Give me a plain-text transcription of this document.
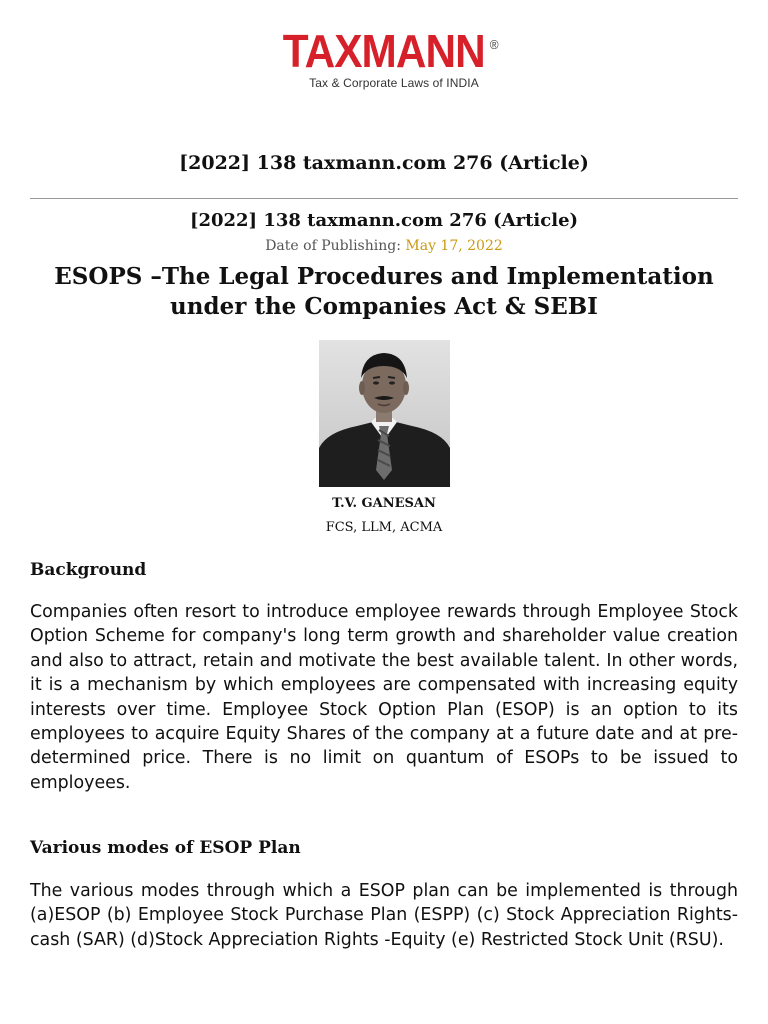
TAXMANN ®
Tax & Corporate Laws of INDIA
[2022] 138 taxmann.com 276 (Article)
[2022] 138 taxmann.com 276 (Article)
Date of Publishing: May 17, 2022
ESOPS –The Legal Procedures and Implementation under the Companies Act & SEBI
T.V. GANESAN
FCS, LLM, ACMA
Background

Companies often resort to introduce employee rewards through Employee Stock Option Scheme for company's long term growth and shareholder value creation and also to attract, retain and motivate the best available talent. In other words, it is a mechanism by which employees are compensated with increasing equity interests over time. Employee Stock Option Plan (ESOP) is an option to its employees to acquire Equity Shares of the company at a future date and at pre-determined price. There is no limit on quantum of ESOPs to be issued to employees.

Various modes of ESOP Plan

The various modes through which a ESOP plan can be implemented is through (a)ESOP (b) Employee Stock Purchase Plan (ESPP) (c) Stock Appreciation Rights-cash (SAR) (d)Stock Appreciation Rights -Equity (e) Restricted Stock Unit (RSU).
